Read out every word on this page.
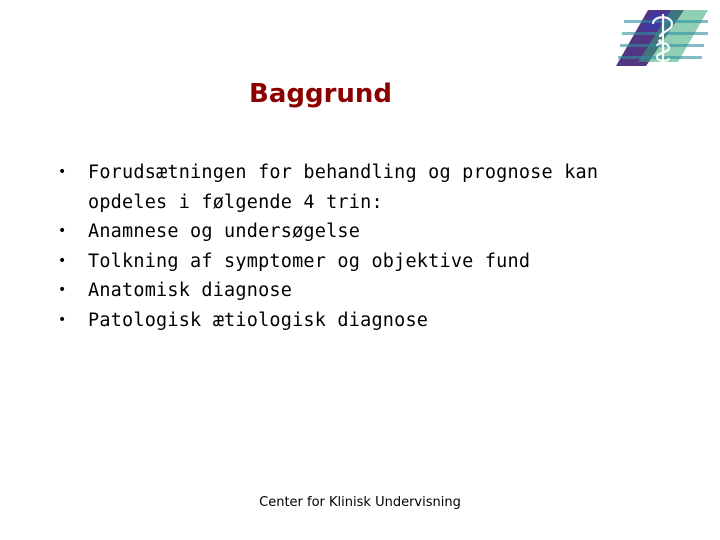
Baggrund
•	Forudsætningen for behandling og prognose kan opdeles i følgende 4 trin:
•	Anamnese og undersøgelse
•	Tolkning af symptomer og objektive fund
•	Anatomisk diagnose
•	Patologisk ætiologisk diagnose
Center for Klinisk Undervisning
